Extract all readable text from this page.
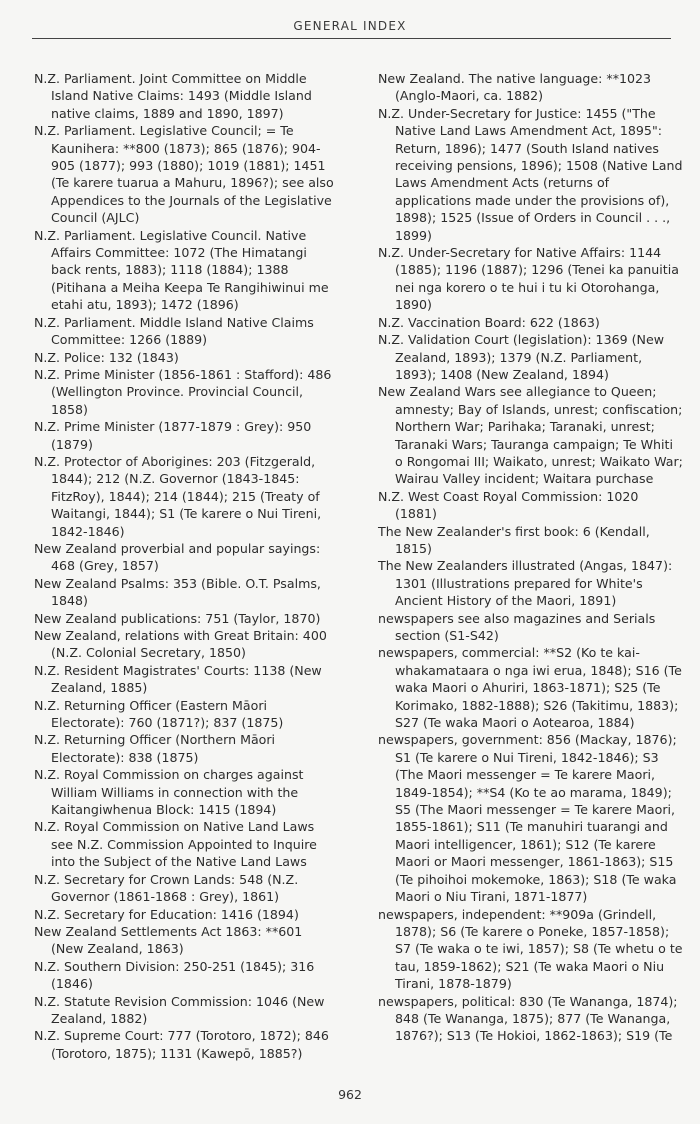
GENERAL INDEX

N.Z. Parliament. Joint Committee on Middle Island Native Claims: 1493 (Middle Island native claims, 1889 and 1890, 1897)

N.Z. Parliament. Legislative Council; = Te Kaunihera: **800 (1873); 865 (1876); 904-905 (1877); 993 (1880); 1019 (1881); 1451 (Te karere tuarua a Mahuru, 1896?); see also Appendices to the Journals of the Legislative Council (AJLC)

N.Z. Parliament. Legislative Council. Native Affairs Committee: 1072 (The Himatangi back rents, 1883); 1118 (1884); 1388 (Pitihana a Meiha Keepa Te Rangihiwinui me etahi atu, 1893); 1472 (1896)

N.Z. Parliament. Middle Island Native Claims Committee: 1266 (1889)

N.Z. Police: 132 (1843)

N.Z. Prime Minister (1856-1861 : Stafford): 486 (Wellington Province. Provincial Council, 1858)

N.Z. Prime Minister (1877-1879 : Grey): 950 (1879)

N.Z. Protector of Aborigines: 203 (Fitzgerald, 1844); 212 (N.Z. Governor (1843-1845: FitzRoy), 1844); 214 (1844); 215 (Treaty of Waitangi, 1844); S1 (Te karere o Nui Tireni, 1842-1846)

New Zealand proverbial and popular sayings: 468 (Grey, 1857)

New Zealand Psalms: 353 (Bible. O.T. Psalms, 1848)

New Zealand publications: 751 (Taylor, 1870)

New Zealand, relations with Great Britain: 400 (N.Z. Colonial Secretary, 1850)

N.Z. Resident Magistrates' Courts: 1138 (New Zealand, 1885)

N.Z. Returning Officer (Eastern Māori Electorate): 760 (1871?); 837 (1875)

N.Z. Returning Officer (Northern Māori Electorate): 838 (1875)

N.Z. Royal Commission on charges against William Williams in connection with the Kaitangiwhenua Block: 1415 (1894)

N.Z. Royal Commission on Native Land Laws see N.Z. Commission Appointed to Inquire into the Subject of the Native Land Laws

N.Z. Secretary for Crown Lands: 548 (N.Z. Governor (1861-1868 : Grey), 1861)

N.Z. Secretary for Education: 1416 (1894)

New Zealand Settlements Act 1863: **601 (New Zealand, 1863)

N.Z. Southern Division: 250-251 (1845); 316 (1846)

N.Z. Statute Revision Commission: 1046 (New Zealand, 1882)

N.Z. Supreme Court: 777 (Torotoro, 1872); 846 (Torotoro, 1875); 1131 (Kawepō, 1885?)

New Zealand. The native language: **1023 (Anglo-Maori, ca. 1882)

N.Z. Under-Secretary for Justice: 1455 ("The Native Land Laws Amendment Act, 1895": Return, 1896); 1477 (South Island natives receiving pensions, 1896); 1508 (Native Land Laws Amendment Acts (returns of applications made under the provisions of), 1898); 1525 (Issue of Orders in Council . . ., 1899)

N.Z. Under-Secretary for Native Affairs: 1144 (1885); 1196 (1887); 1296 (Tenei ka panuitia nei nga korero o te hui i tu ki Otorohanga, 1890)

N.Z. Vaccination Board: 622 (1863)

N.Z. Validation Court (legislation): 1369 (New Zealand, 1893); 1379 (N.Z. Parliament, 1893); 1408 (New Zealand, 1894)

New Zealand Wars see allegiance to Queen; amnesty; Bay of Islands, unrest; confiscation; Northern War; Parihaka; Taranaki, unrest; Taranaki Wars; Tauranga campaign; Te Whiti o Rongomai III; Waikato, unrest; Waikato War; Wairau Valley incident; Waitara purchase

N.Z. West Coast Royal Commission: 1020 (1881)

The New Zealander's first book: 6 (Kendall, 1815)

The New Zealanders illustrated (Angas, 1847): 1301 (Illustrations prepared for White's Ancient History of the Maori, 1891)

newspapers see also magazines and Serials section (S1-S42)

newspapers, commercial: **S2 (Ko te kai-whakamataara o nga iwi erua, 1848); S16 (Te waka Maori o Ahuriri, 1863-1871); S25 (Te Korimako, 1882-1888); S26 (Takitimu, 1883); S27 (Te waka Maori o Aotearoa, 1884)

newspapers, government: 856 (Mackay, 1876); S1 (Te karere o Nui Tireni, 1842-1846); S3 (The Maori messenger = Te karere Maori, 1849-1854); **S4 (Ko te ao marama, 1849); S5 (The Maori messenger = Te karere Maori, 1855-1861); S11 (Te manuhiri tuarangi and Maori intelligencer, 1861); S12 (Te karere Maori or Maori messenger, 1861-1863); S15 (Te pihoihoi mokemoke, 1863); S18 (Te waka Maori o Niu Tirani, 1871-1877)

newspapers, independent: **909a (Grindell, 1878); S6 (Te karere o Poneke, 1857-1858); S7 (Te waka o te iwi, 1857); S8 (Te whetu o te tau, 1859-1862); S21 (Te waka Maori o Niu Tirani, 1878-1879)

newspapers, political: 830 (Te Wananga, 1874); 848 (Te Wananga, 1875); 877 (Te Wananga, 1876?); S13 (Te Hokioi, 1862-1863); S19 (Te

962
